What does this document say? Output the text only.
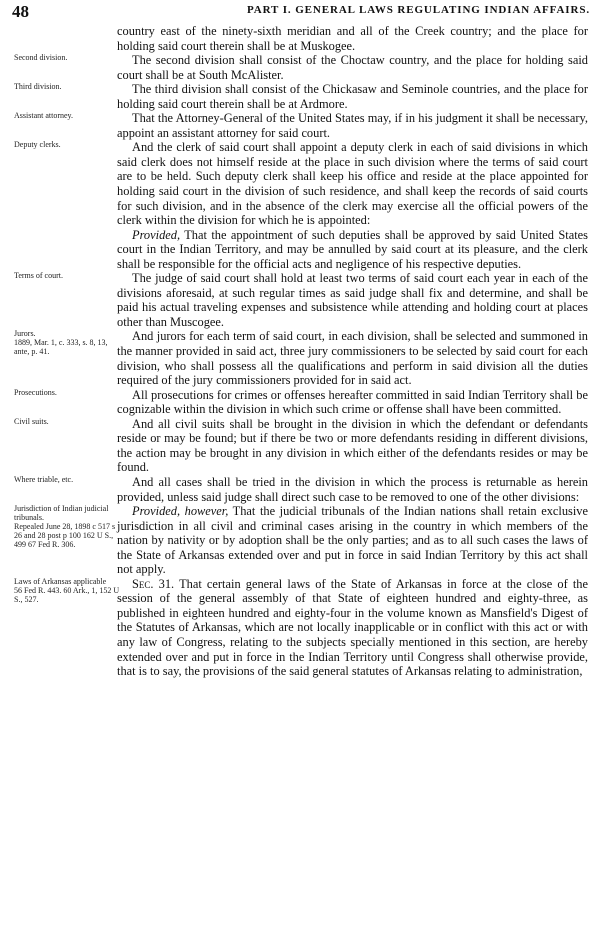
48	PART I. GENERAL LAWS REGULATING INDIAN AFFAIRS.
country east of the ninety-sixth meridian and all of the Creek country; and the place for holding said court therein shall be at Muskogee.
Second division.	The second division shall consist of the Choctaw country, and the place for holding said court shall be at South McAlister.
Third division.	The third division shall consist of the Chickasaw and Seminole countries, and the place for holding said court therein shall be at Ardmore.
Assistant attorney.	That the Attorney-General of the United States may, if in his judgment it shall be necessary, appoint an assistant attorney for said court.
Deputy clerks.	And the clerk of said court shall appoint a deputy clerk in each of said divisions in which said clerk does not himself reside at the place in such division where the terms of said court are to be held. Such deputy clerk shall keep his office and reside at the place appointed for holding said court in the division of such residence, and shall keep the records of said courts for such division, and in the absence of the clerk may exercise all the official powers of the clerk within the division for which he is appointed:
Provided, That the appointment of such deputies shall be approved by said United States court in the Indian Territory, and may be annulled by said court at its pleasure, and the clerk shall be responsible for the official acts and negligence of his respective deputies.
Terms of court.	The judge of said court shall hold at least two terms of said court each year in each of the divisions aforesaid, at such regular times as said judge shall fix and determine, and shall be paid his actual traveling expenses and subsistence while attending and holding court at places other than Muscogee.
Jurors.
1889, Mar. 1, c. 333, s. 8, 13, ante, p. 41.
And jurors for each term of said court, in each division, shall be selected and summoned in the manner provided in said act, three jury commissioners to be selected by said court for each division, who shall possess all the qualifications and perform in said division all the duties required of the jury commissioners provided for in said act.
Prosecutions.	All prosecutions for crimes or offenses hereafter committed in said Indian Territory shall be cognizable within the division in which such crime or offense shall have been committed.
Civil suits.	And all civil suits shall be brought in the division in which the defendant or defendants reside or may be found; but if there be two or more defendants residing in different divisions, the action may be brought in any division in which either of the defendants resides or may be found.
Where triable, etc.	And all cases shall be tried in the division in which the process is returnable as herein provided, unless said judge shall direct such case to be removed to one of the other divisions:
Jurisdiction of Indian judicial tribunals.
Repealed June 28, 1898 c 517 s 26 and 28 post p 100 162 U S., 499 67 Fed R. 306.
Provided, however, That the judicial tribunals of the Indian nations shall retain exclusive jurisdiction in all civil and criminal cases arising in the country in which members of the nation by nativity or by adoption shall be the only parties; and as to all such cases the laws of the State of Arkansas extended over and put in force in said Indian Territory by this act shall not apply.
Laws of Arkansas applicable
56 Fed R. 443. 60 Ark., 1, 152 U S., 527.
Sec. 31. That certain general laws of the State of Arkansas in force at the close of the session of the general assembly of that State of eighteen hundred and eighty-three, as published in eighteen hundred and eighty-four in the volume known as Mansfield's Digest of the Statutes of Arkansas, which are not locally inapplicable or in conflict with this act or with any law of Congress, relating to the subjects specially mentioned in this section, are hereby extended over and put in force in the Indian Territory until Congress shall otherwise provide, that is to say, the provisions of the said general statutes of Arkansas relating to administration,
